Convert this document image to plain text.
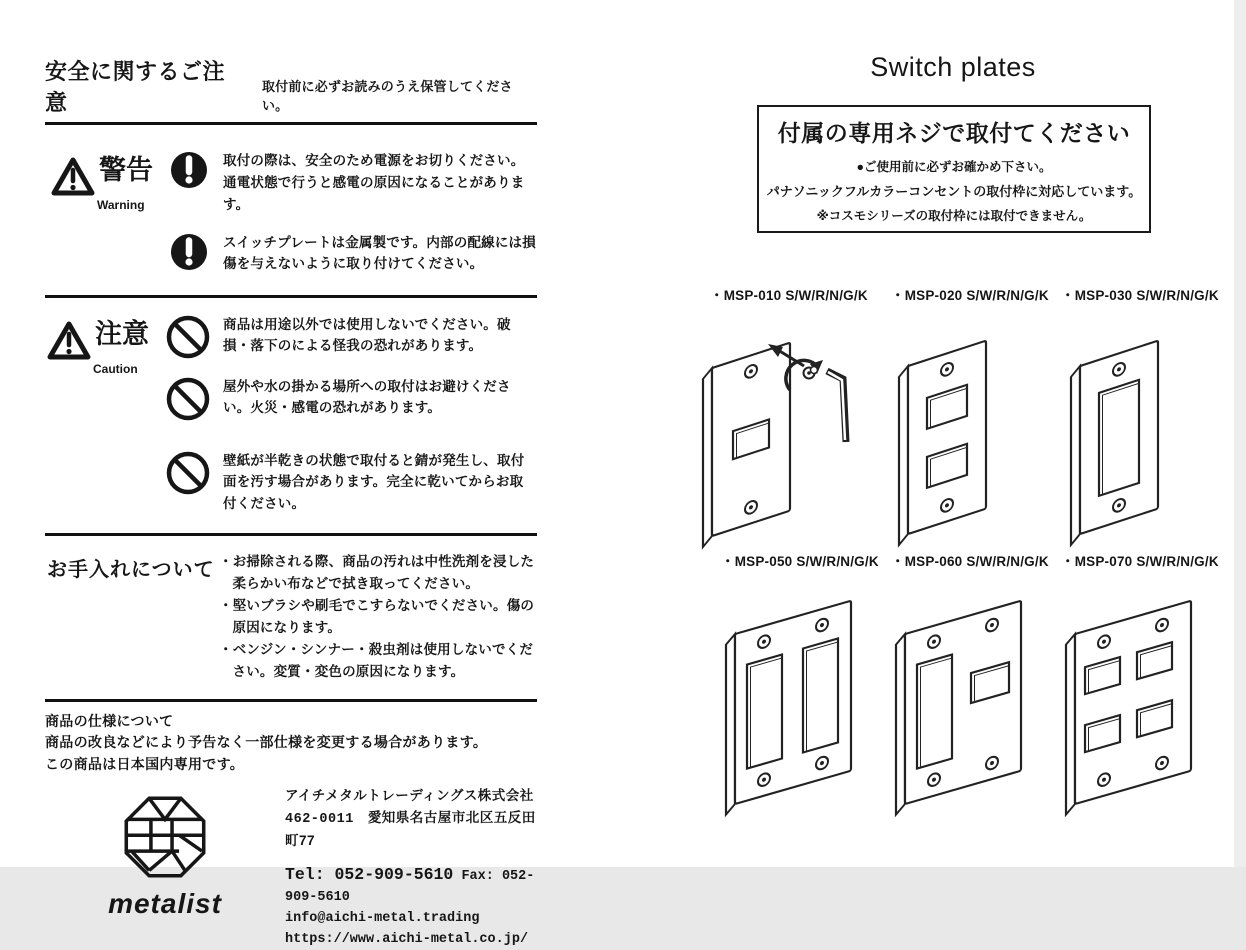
安全に関するご注意
取付前に必ずお読みのうえ保管してください。
警告
Warning
取付の際は、安全のため電源をお切りください。通電状態で行うと感電の原因になることがあります。
スイッチプレートは金属製です。内部の配線には損傷を与えないように取り付けてください。
注意
Caution
商品は用途以外では使用しないでください。破損・落下のによる怪我の恐れがあります。
屋外や水の掛かる場所への取付はお避けください。火災・感電の恐れがあります。
壁紙が半乾きの状態で取付ると錆が発生し、取付面を汚す場合があります。完全に乾いてからお取付ください。
お手入れについて ・お掃除される際、商品の汚れは中性洗剤を浸した柔らかい布などで拭き取ってください。
・堅いブラシや刷毛でこすらないでください。傷の原因になります。
・ベンジン・シンナー・殺虫剤は使用しないでください。変質・変色の原因になります。
商品の仕様について
商品の改良などにより予告なく一部仕様を変更する場合があります。
この商品は日本国内専用です。
metalist
アイチメタルトレーディングス株式会社
462-0011 愛知県名古屋市北区五反田町77
Tel: 052-909-5610 Fax: 052-909-5610
info@aichi-metal.trading
https://www.aichi-metal.co.jp/
Switch plates
付属の専用ネジで取付てください
●ご使用前に必ずお確かめ下さい。
パナソニックフルカラーコンセントの取付枠に対応しています。
※コスモシリーズの取付枠には取付できません。
・MSP-010 S/W/R/N/G/K ・MSP-020 S/W/R/N/G/K ・MSP-030 S/W/R/N/G/K
・MSP-050 S/W/R/N/G/K ・MSP-060 S/W/R/N/G/K ・MSP-070 S/W/R/N/G/K
